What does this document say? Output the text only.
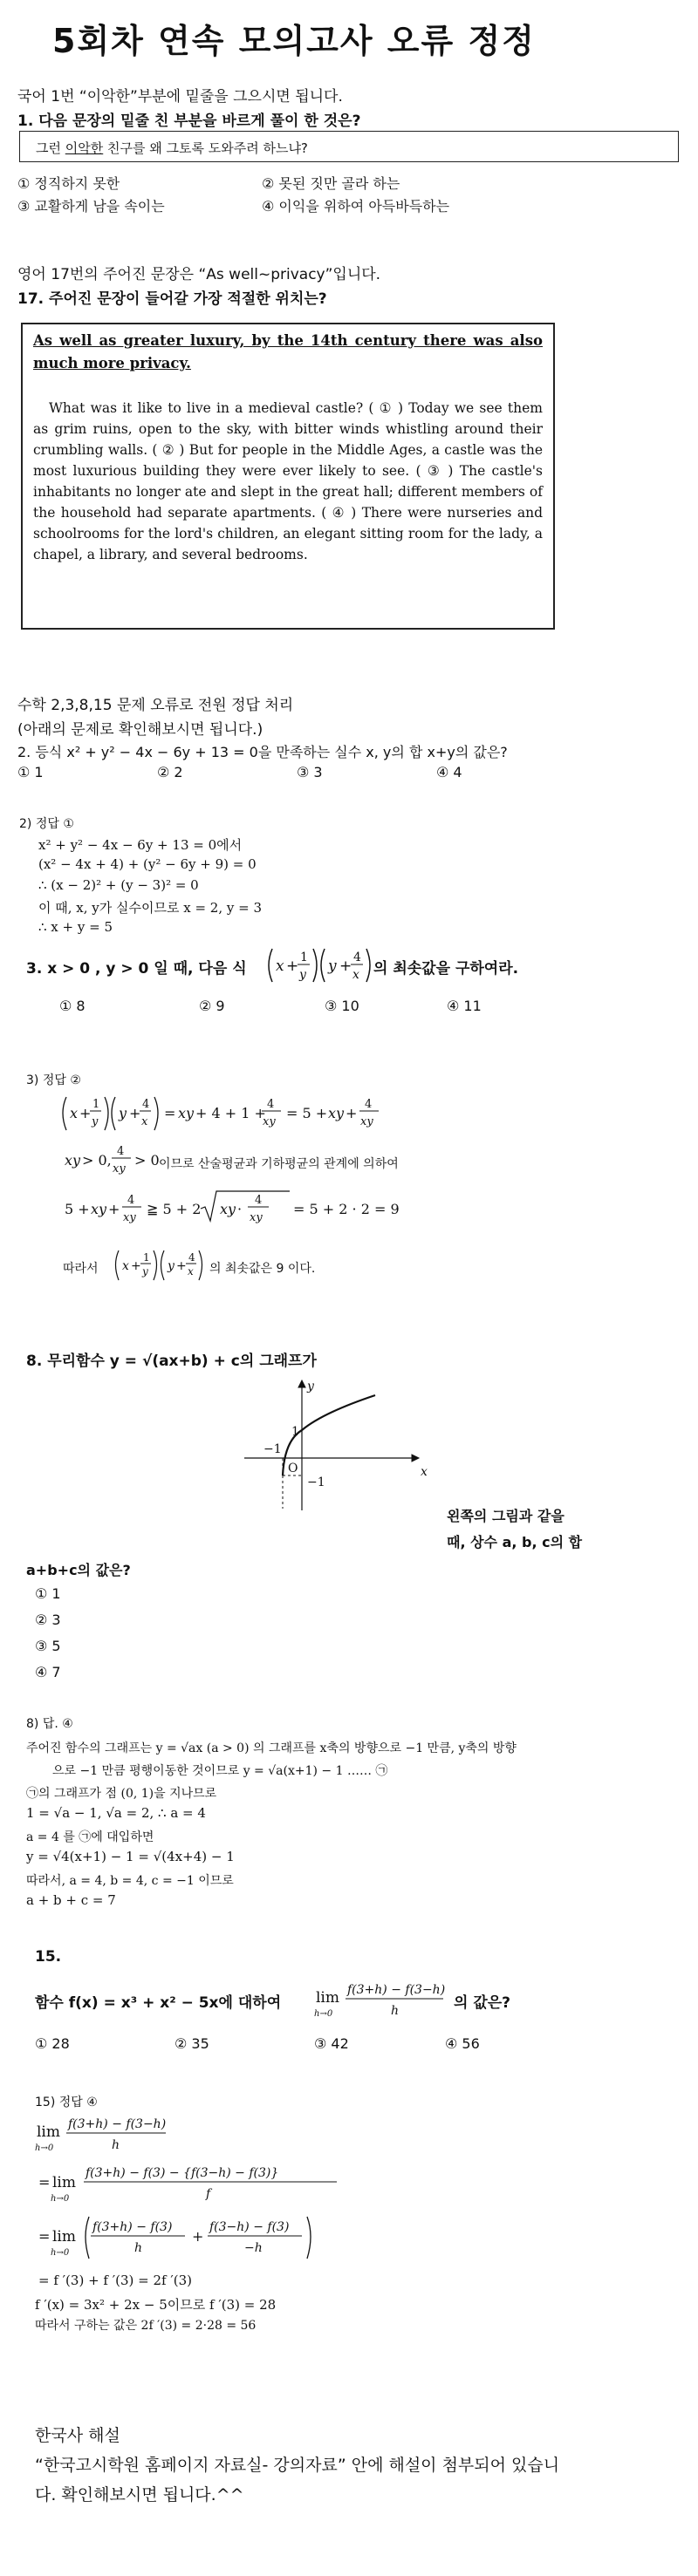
5회차 연속 모의고사 오류 정정
국어 1번 “이악한”부분에 밑줄을 그으시면 됩니다.
1. 다음 문장의 밑줄 친 부분을 바르게 풀이 한 것은?
그런 이악한 친구를 왜 그토록 도와주려 하느냐?
① 정직하지 못한	② 못된 짓만 골라 하는
③ 교활하게 남을 속이는	④ 이익을 위하여 아득바득하는
영어 17번의 주어진 문장은 “As well~privacy”입니다.
17. 주어진 문장이 들어갈 가장 적절한 위치는?
As well as greater luxury, by the 14th century there was also much more privacy.
What was it like to live in a medieval castle? ( ① ) Today we see them as grim ruins, open to the sky, with bitter winds whistling around their crumbling walls. ( ② ) But for people in the Middle Ages, a castle was the most luxurious building they were ever likely to see. ( ③ ) The castle's inhabitants no longer ate and slept in the great hall; different members of the household had separate apartments. ( ④ ) There were nurseries and schoolrooms for the lord's children, an elegant sitting room for the lady, a chapel, a library, and several bedrooms.
수학 2,3,8,15 문제 오류로 전원 정답 처리
(아래의 문제로 확인해보시면 됩니다.)
2. 등식 x² + y² − 4x − 6y + 13 = 0을 만족하는 실수 x, y의 합 x+y의 값은?
① 1	② 2	③ 3	④ 4
2) 정답 ①
x² + y² − 4x − 6y + 13 = 0에서
(x² − 4x + 4) + (y² − 6y + 9) = 0
∴ (x − 2)² + (y − 3)² = 0
이 때, x, y가 실수이므로 x = 2, y = 3
∴ x + y = 5
3. x > 0 , y > 0 일 때, 다음 식 x + 1
y y + 4
x 의 최솟값을 구하여라.
① 8	② 9	③ 10	④ 11
3) 정답 ②
x +
1
y
y +
4
x
= xy + 4 + 1 +
4
xy
= 5 + xy +
4
xy
xy > 0,
4
xy
> 0
5 + xy +
4
xy
≧ 5 + 2 xy ·
4
xy
= 5 + 2 · 2 = 9
x +
1
y y +
4
x
이므로 산술평균과 기하평균의 관계에 의하여
따라서	의 최솟값은 9 이다.
8. 무리함수 y = √(ax+b) + c의 그래프가
x
y
O
1
−1
−1
왼쪽의 그림과 같을
때, 상수 a, b, c의 합
a+b+c의 값은?
① 1
② 3
③ 5
④ 7
8) 답. ④
주어진 함수의 그래프는 y = √ax (a > 0) 의 그래프를 x축의 방향으로 −1 만큼, y축의 방향
으로 −1 만큼 평행이동한 것이므로 y = √a(x+1) − 1 …… ㉠
㉠의 그래프가 점 (0, 1)을 지나므로
1 = √a − 1, √a = 2, ∴ a = 4
a = 4 를 ㉠에 대입하면
y = √4(x+1) − 1 = √(4x+4) − 1
따라서, a = 4, b = 4, c = −1 이므로
a + b + c = 7
15.
함수 f(x) = x³ + x² − 5x에 대하여 lim
h→0
f(3+h) − f(3−h)
h	의 값은?
① 28	② 35	③ 42	④ 56
15) 정답 ④
lim
h→0
f(3+h) − f(3−h)
h
= lim
h→0
f(3+h) − f(3) − {f(3−h) − f(3)}
f
= lim
h→0
f(3+h) − f(3)
h
+
f(3−h) − f(3)
−h
= f ′(3) + f ′(3) = 2f ′(3)
f ′(x) = 3x² + 2x − 5이므로 f ′(3) = 28
따라서 구하는 값은 2f ′(3) = 2·28 = 56
한국사 해설
“한국고시학원 홈페이지 자료실- 강의자료” 안에 해설이 첨부되어 있습니
다. 확인해보시면 됩니다.^^
